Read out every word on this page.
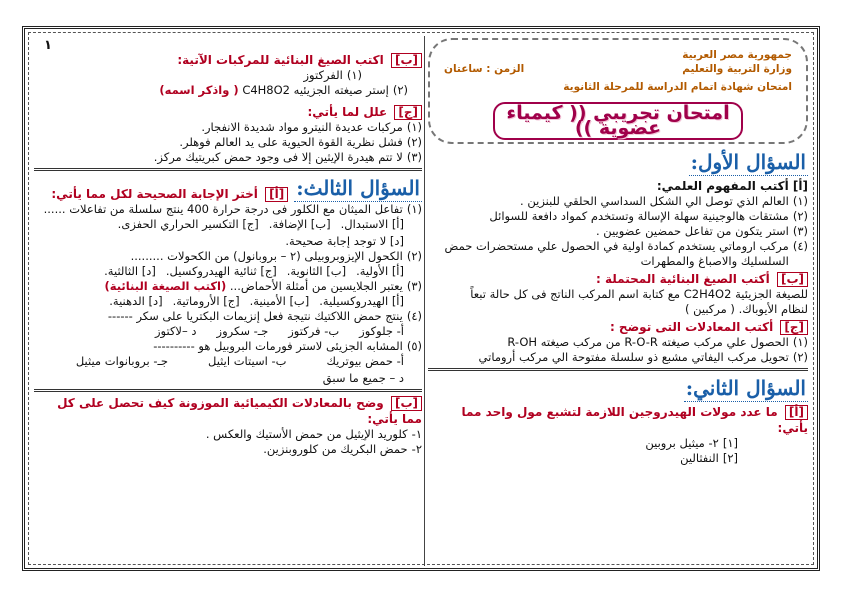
١
جمهورية مصر العربية
وزارة التربية والتعليم
الزمن : ساعتان
امتحان شهادة اتمام الدراسة للمرحلة الثانوية
امتحان تجريبي (( كيمياء عضوية ))
السؤال الأول:
[أ] أكتب المفهوم العلمي:
(١)
العالم الذي توصل الي الشكل السداسي الحلقي للبنزين .
(٢)
مشتقات هالوجينية سهلة الإسالة وتستخدم كمواد دافعة للسوائل
(٣)
استر يتكون من تفاعل حمضين عضويين .
(٤)
مركب اروماتي يستخدم كمادة اولية في الحصول علي مستحضرات حمض السلسليك والاصباغ والمطهرات
[ب] أكتب الصيغ البنائية المحتملة :
للصيغة الجزيئية C2H4O2 مع كتابة اسم المركب الناتج فى كل حالة تبعاً
لنظام الأيوباك. ( مركبين )
[ج] أكتب المعادلات التى توضح :
(١)
الحصول علي مركب صيغته R-O-R من مركب صيغته R-OH
(٢)
تحويل مركب اليفاتي مشبع ذو سلسلة مفتوحة الي مركب أروماتي
السؤال الثاني:
[أ] ما عدد مولات الهيدروجين اللازمة لتشبع مول واحد مما يأتي:
[١]
٢- ميثيل بروبين
[٢]
النفثالين
[ب] اكتب الصيغ البنائية للمركبات الآتية:
(١)
الفركتوز
(٢)
إستر صيغته الجزيئيه C4H8O2 ( واذكر اسمه)
[ج] علل لما يأتي:
(١)
مركبات عديدة النيترو مواد شديدة الانفجار.
(٢)
فشل نظرية القوة الحيوية على يد العالم فوهلر.
(٣)
لا تتم هيدرة الإيثين إلا فى وجود حمض كبريتيك مركز.
السؤال الثالث:
[أ] أختر الإجابة الصحيحة لكل مما يأتي:
(١)
تفاعل الميثان مع الكلور فى درجة حرارة 400 ينتج سلسلة من تفاعلات ......
[أ] الاستبدال.
[ب] الإضافة.
[ج] التكسير الحراري الحفزى.
[د] لا توجد إجابة صحيحة.
(٢)
الكحول الإيزوبروبيلى (٢ – بروبانول) من الكحولات .........
[أ] الأولية.
[ب] الثانوية.
[ج] ثنائية الهيدروكسيل.
[د] الثالثية.
(٣)
يعتبر الجلايسين من أمثلة الأحماض... (اكتب الصيغة البنائية)
[أ] الهيدروكسيلية.
[ب] الأمينية.
[ج] الأروماتية.
[د] الدهنية.
(٤)
ينتج حمض اللاكتيك نتيجة فعل إنزيمات البكتريا على سكر ------
أ- جلوكوز
ب- فركتوز
جـ- سكروز
د –لاكتوز
(٥)
المشابه الجزيئى لاستر فورمات البروبيل هو ----------
أ- حمض بيوتريك
ب- اسيتات ايثيل
جـ- بروبانوات ميثيل
د – جميع ما سبق
[ب] وضح بالمعادلات الكيميائية الموزونة كيف تحصل على كل مما يأتي:
١-
كلوريد الإيثيل من حمض الأستيك والعكس .
٢-
حمض البكريك من كلوروبنزين.
